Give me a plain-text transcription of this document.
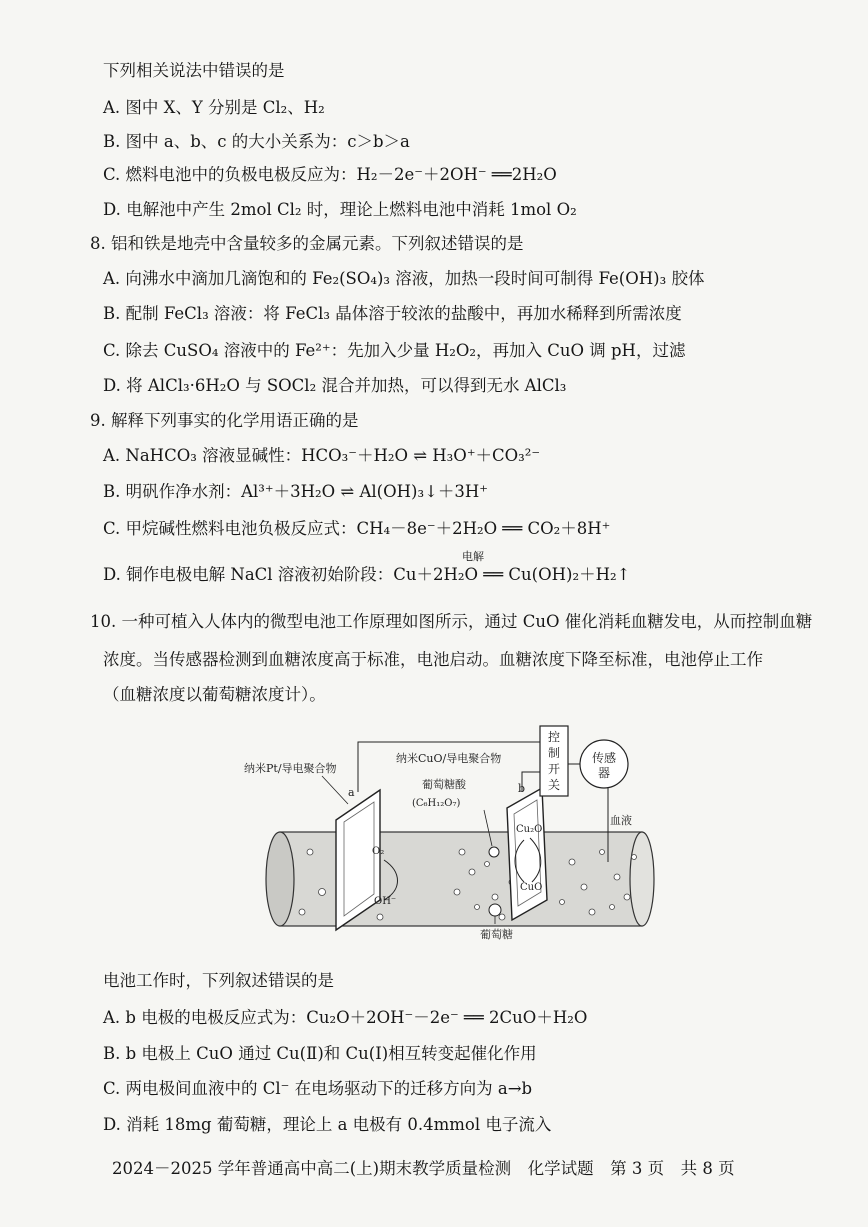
下列相关说法中错误的是
A. 图中 X、Y 分别是 Cl₂、H₂
B. 图中 a、b、c 的大小关系为：c＞b＞a
C. 燃料电池中的负极电极反应为：H₂－2e⁻＋2OH⁻ ══2H₂O
D. 电解池中产生 2mol Cl₂ 时，理论上燃料电池中消耗 1mol O₂
8. 铝和铁是地壳中含量较多的金属元素。下列叙述错误的是
A. 向沸水中滴加几滴饱和的 Fe₂(SO₄)₃ 溶液，加热一段时间可制得 Fe(OH)₃ 胶体
B. 配制 FeCl₃ 溶液：将 FeCl₃ 晶体溶于较浓的盐酸中，再加水稀释到所需浓度
C. 除去 CuSO₄ 溶液中的 Fe²⁺：先加入少量 H₂O₂，再加入 CuO 调 pH，过滤
D. 将 AlCl₃·6H₂O 与 SOCl₂ 混合并加热，可以得到无水 AlCl₃
9. 解释下列事实的化学用语正确的是
A. NaHCO₃ 溶液显碱性：HCO₃⁻＋H₂O ⇌ H₃O⁺＋CO₃²⁻
B. 明矾作净水剂：Al³⁺＋3H₂O ⇌ Al(OH)₃↓＋3H⁺
C. 甲烷碱性燃料电池负极反应式：CH₄－8e⁻＋2H₂O ══ CO₂＋8H⁺
电解
D. 铜作电极电解 NaCl 溶液初始阶段：Cu＋2H₂O ══ Cu(OH)₂＋H₂↑
10. 一种可植入人体内的微型电池工作原理如图所示，通过 CuO 催化消耗血糖发电，从而控制血糖
浓度。当传感器检测到血糖浓度高于标准，电池启动。血糖浓度下降至标准，电池停止工作
（血糖浓度以葡萄糖浓度计）。
控
制
开
关
传感
器
纳米Pt/导电聚合物
a
纳米CuO/导电聚合物
b
葡萄糖酸
(C₆H₁₂O₇)
血液
O₂
OH⁻
Cu₂O
CuO
葡萄糖
电池工作时，下列叙述错误的是
A. b 电极的电极反应式为：Cu₂O＋2OH⁻－2e⁻ ══ 2CuO＋H₂O
B. b 电极上 CuO 通过 Cu(Ⅱ)和 Cu(Ⅰ)相互转变起催化作用
C. 两电极间血液中的 Cl⁻ 在电场驱动下的迁移方向为 a→b
D. 消耗 18mg 葡萄糖，理论上 a 电极有 0.4mmol 电子流入
2024－2025 学年普通高中高二(上)期末教学质量检测　化学试题　第 3 页　共 8 页
